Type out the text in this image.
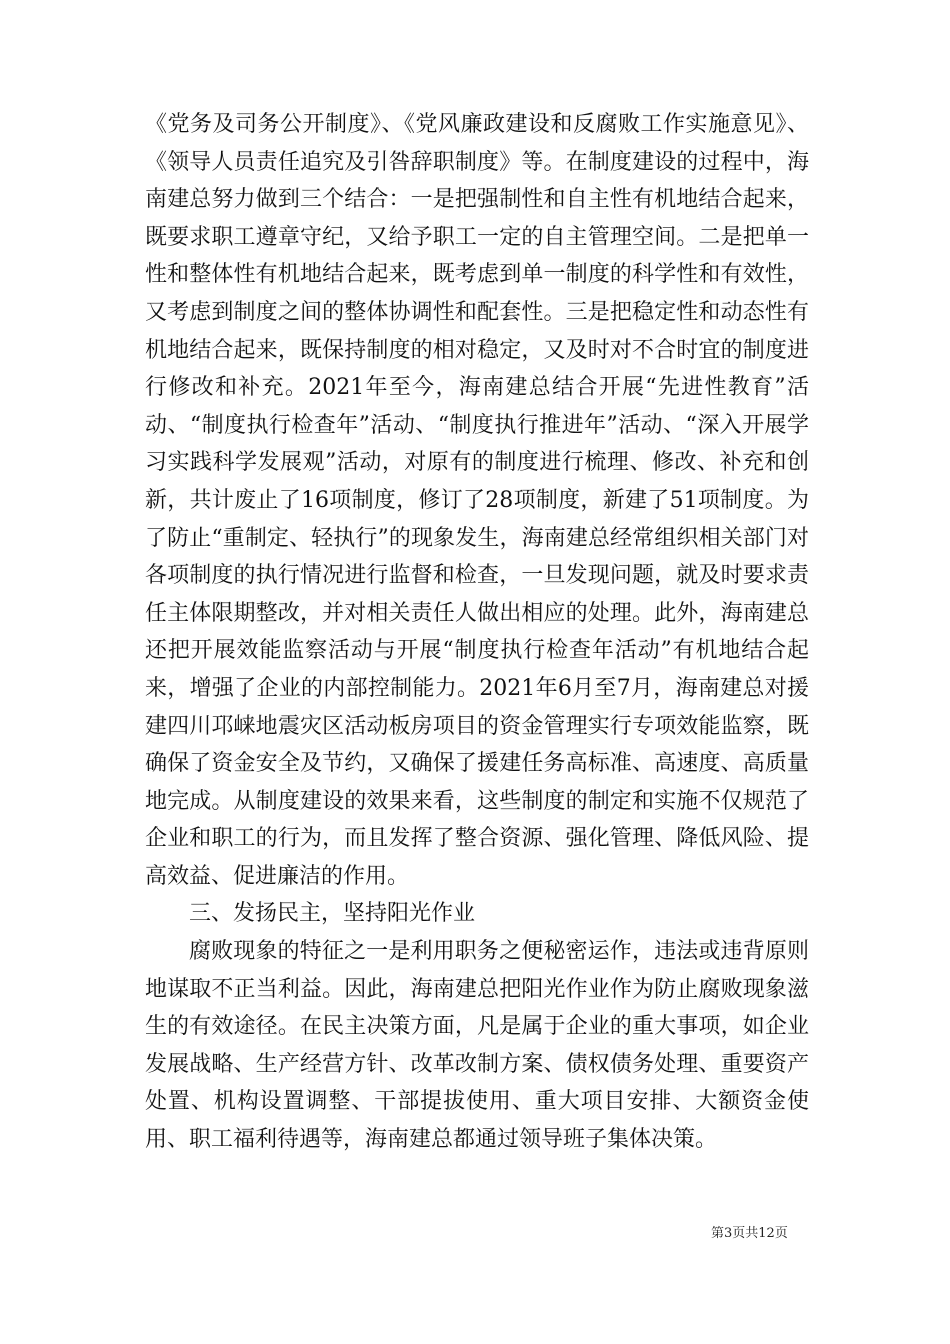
《党务及司务公开制度》、《党风廉政建设和反腐败工作实施意见》、《领导人员责任追究及引咎辞职制度》等。在制度建设的过程中，海南建总努力做到三个结合：一是把强制性和自主性有机地结合起来，既要求职工遵章守纪，又给予职工一定的自主管理空间。二是把单一性和整体性有机地结合起来，既考虑到单一制度的科学性和有效性，又考虑到制度之间的整体协调性和配套性。三是把稳定性和动态性有机地结合起来，既保持制度的相对稳定，又及时对不合时宜的制度进行修改和补充。2021年至今，海南建总结合开展“先进性教育”活动、“制度执行检查年”活动、“制度执行推进年”活动、“深入开展学习实践科学发展观”活动，对原有的制度进行梳理、修改、补充和创新，共计废止了16项制度，修订了28项制度，新建了51项制度。为了防止“重制定、轻执行”的现象发生，海南建总经常组织相关部门对各项制度的执行情况进行监督和检查，一旦发现问题，就及时要求责任主体限期整改，并对相关责任人做出相应的处理。此外，海南建总还把开展效能监察活动与开展“制度执行检查年活动”有机地结合起来，增强了企业的内部控制能力。2021年6月至7月，海南建总对援建四川邛崃地震灾区活动板房项目的资金管理实行专项效能监察，既确保了资金安全及节约，又确保了援建任务高标准、高速度、高质量地完成。从制度建设的效果来看，这些制度的制定和实施不仅规范了企业和职工的行为，而且发挥了整合资源、强化管理、降低风险、提高效益、促进廉洁的作用。

三、发扬民主，坚持阳光作业

腐败现象的特征之一是利用职务之便秘密运作，违法或违背原则地谋取不正当利益。因此，海南建总把阳光作业作为防止腐败现象滋生的有效途径。在民主决策方面，凡是属于企业的重大事项，如企业发展战略、生产经营方针、改革改制方案、债权债务处理、重要资产处置、机构设置调整、干部提拔使用、重大项目安排、大额资金使用、职工福利待遇等，海南建总都通过领导班子集体决策。

第3页共12页
